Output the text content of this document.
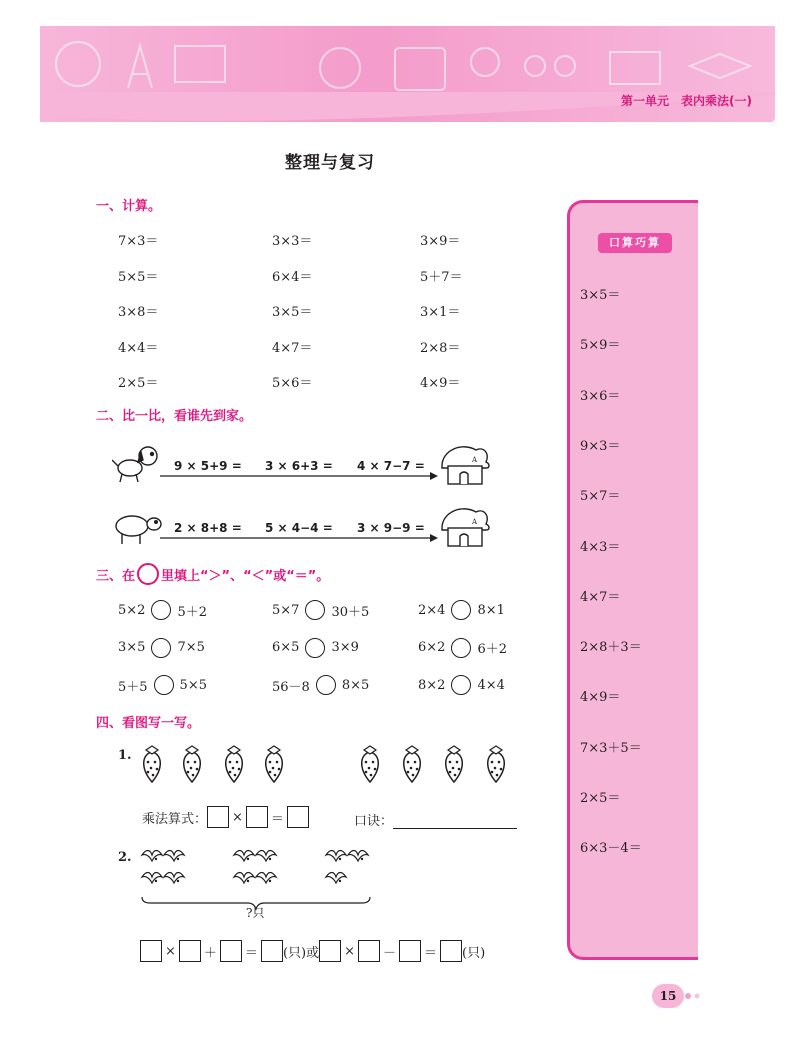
第一单元　表内乘法(一)
整理与复习
一、计算。
7×3＝	3×3＝	3×9＝
5×5＝	6×4＝	5＋7＝
3×8＝	3×5＝	3×1＝
4×4＝	4×7＝	2×8＝
2×5＝	5×6＝	4×9＝
二、比一比，看谁先到家。
A
9 × 5+9 = 3 × 6+3 = 4 × 7−7 =
A
2 × 8+8 = 5 × 4−4 = 3 × 9−9 =
三、在 里填上“＞”、“＜”或“＝”。
5×2 5＋2	5×7 30＋5	2×4 8×1
3×5 7×5	6×5 3×9	6×2 6＋2
5＋5 5×5	56－8 8×5	8×2 4×4
四、看图写一写。
1.
乘法算式： × ＝	口诀：
2.
?只
× ＋ ＝ (只) 或 × － ＝ (只)
口算巧算
3×5＝
5×9＝
3×6＝
9×3＝
5×7＝
4×3＝
4×7＝
2×8＋3＝
4×9＝
7×3＋5＝
2×5＝
6×3－4＝
15
